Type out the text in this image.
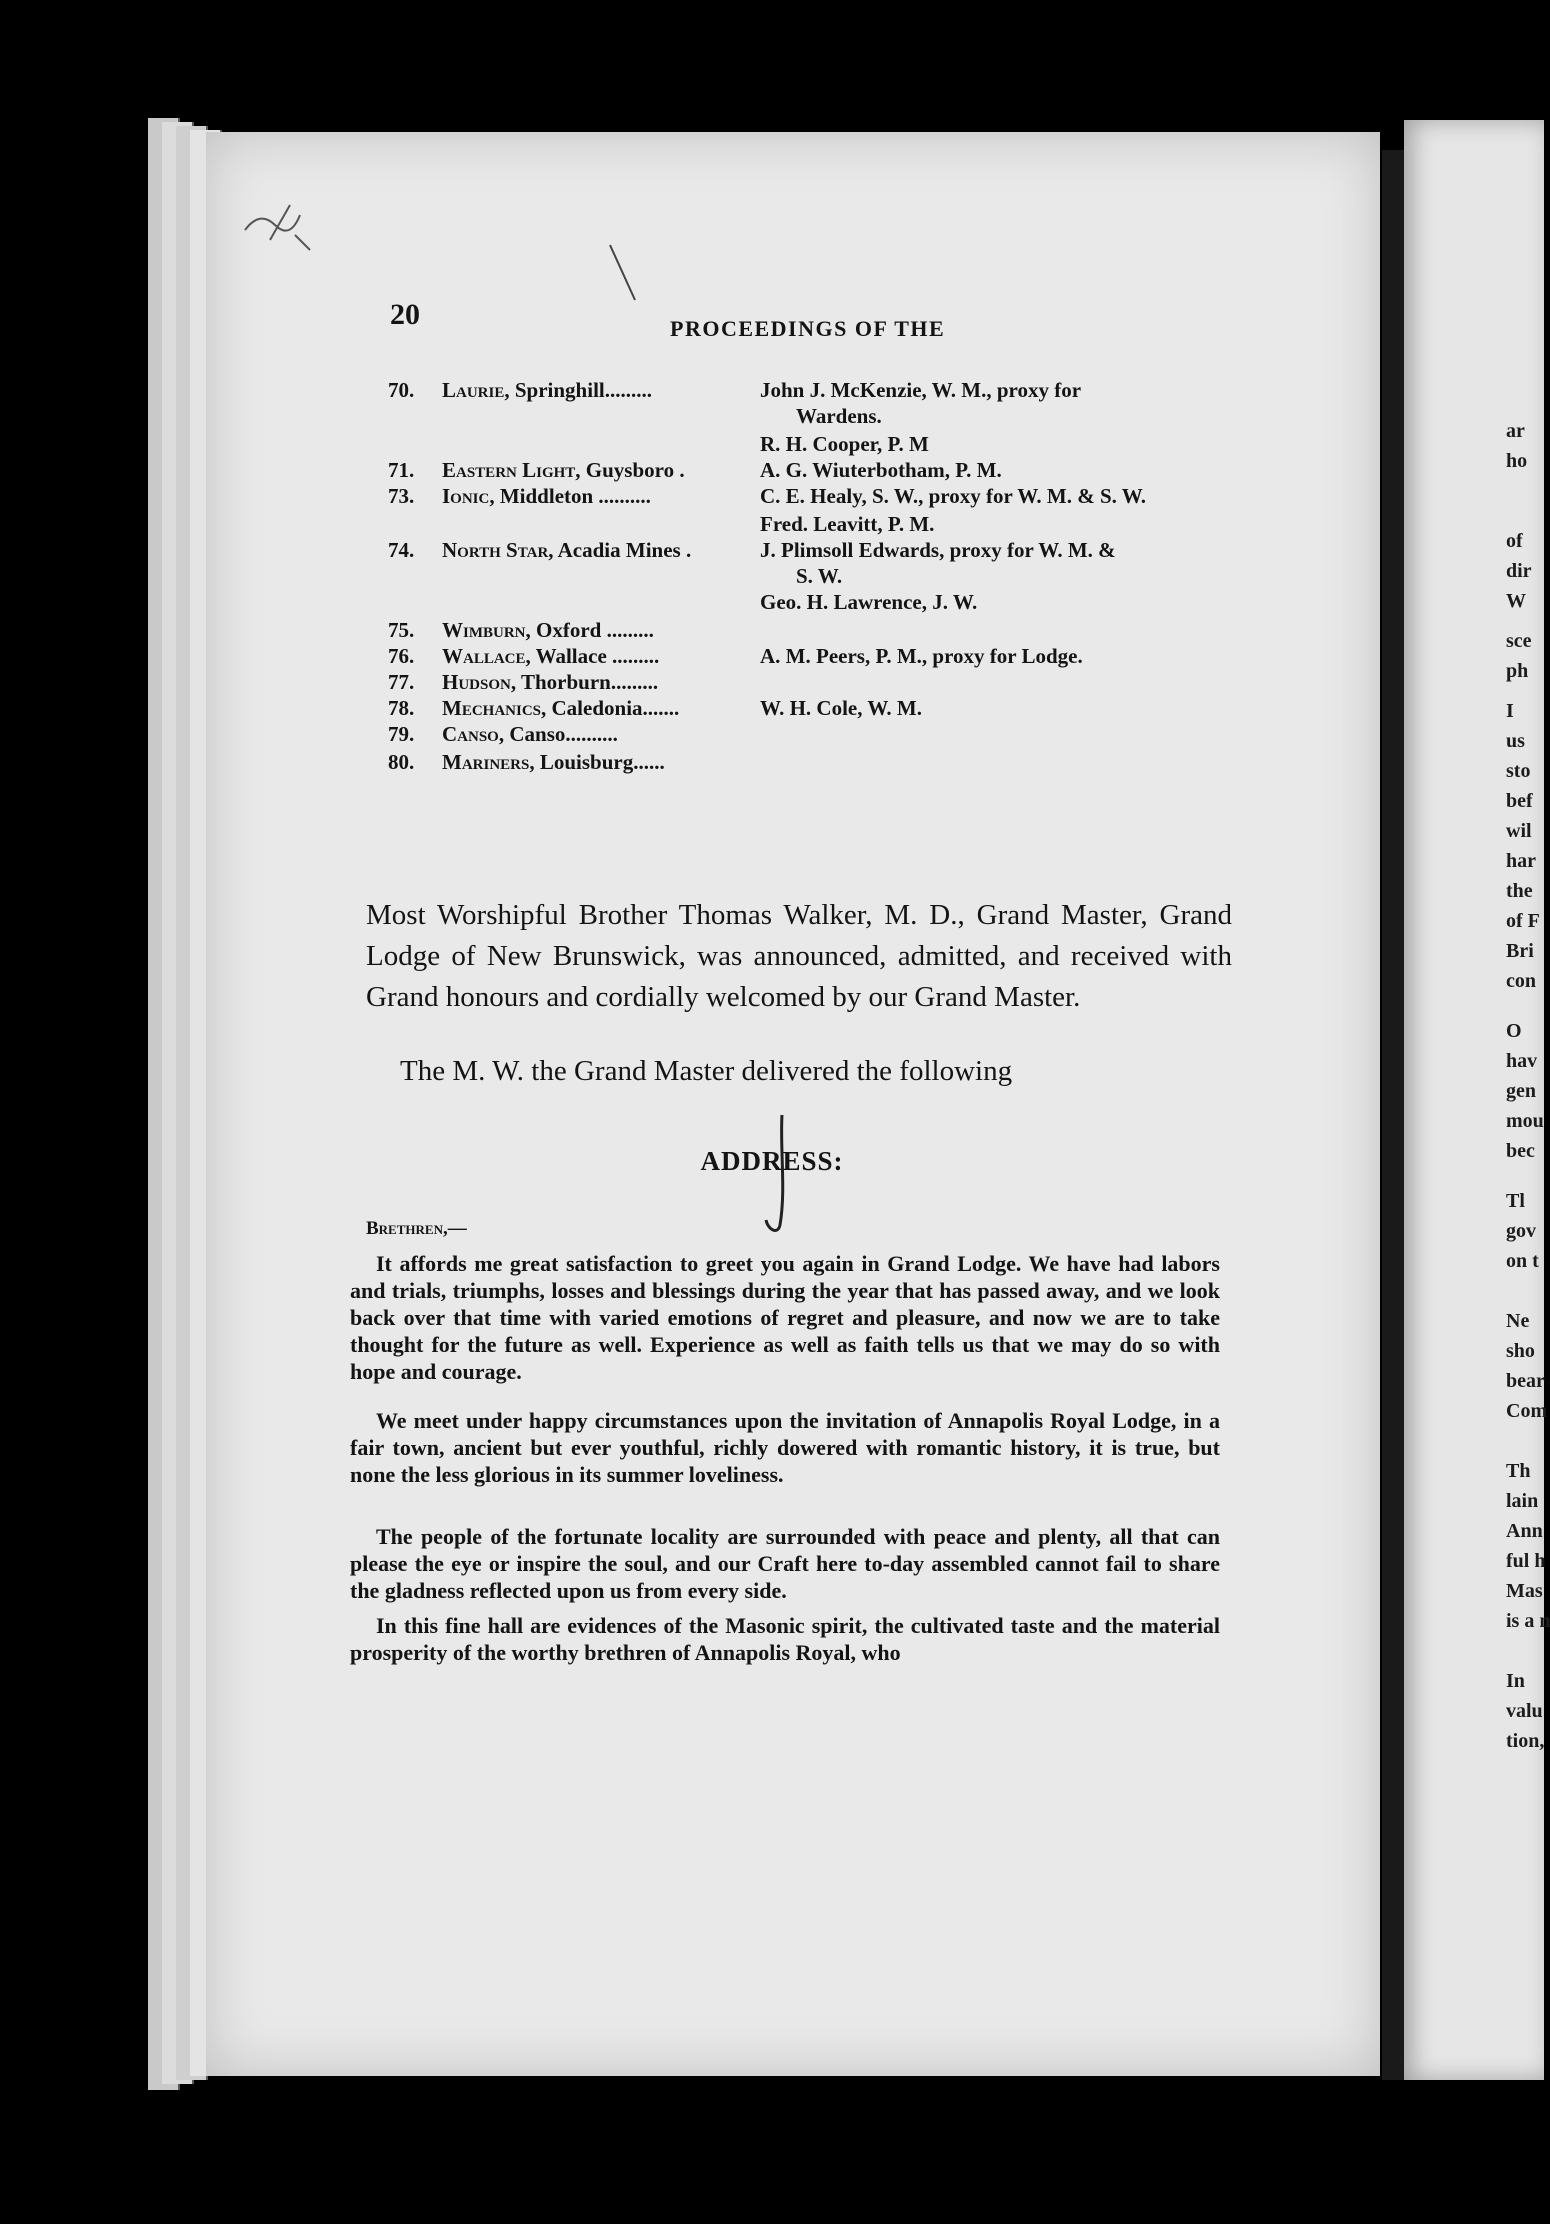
ar
ho
of
dir
W
sce
ph
I
us
sto
bef
wil
har
the
of F
Bri
con
O
hav
gen
mou
bec
Tl
gov
on t
Ne
sho
bear
Com
Th
lain
Ann
ful h
Mas
is a n
In
valu
tion,
20	PROCEEDINGS OF THE
70. Laurie, Springhill.........	John J. McKenzie, W. M., proxy for
Wardens.
R. H. Cooper, P. M
71. Eastern Light, Guysboro .	A. G. Wiuterbotham, P. M.
73. Ionic, Middleton ..........	C. E. Healy, S. W., proxy for W. M. & S. W.
Fred. Leavitt, P. M.
74. North Star, Acadia Mines .	J. Plimsoll Edwards, proxy for W. M. &
S. W.
Geo. H. Lawrence, J. W.
75. Wimburn, Oxford .........
76. Wallace, Wallace .........	A. M. Peers, P. M., proxy for Lodge.
77. Hudson, Thorburn.........
78. Mechanics, Caledonia.......	W. H. Cole, W. M.
79. Canso, Canso..........
80. Mariners, Louisburg......
Most Worshipful Brother Thomas Walker, M. D., Grand Master, Grand Lodge of New Brunswick, was announced, admitted, and received with Grand honours and cordially welcomed by our Grand Master.
The M. W. the Grand Master delivered the following
ADDRESS:
Brethren,—
It affords me great satisfaction to greet you again in Grand Lodge. We have had labors and trials, triumphs, losses and blessings during the year that has passed away, and we look back over that time with varied emotions of regret and pleasure, and now we are to take thought for the future as well. Experience as well as faith tells us that we may do so with hope and courage.
We meet under happy circumstances upon the invitation of Annapolis Royal Lodge, in a fair town, ancient but ever youthful, richly dowered with romantic history, it is true, but none the less glorious in its summer loveliness.
The people of the fortunate locality are surrounded with peace and plenty, all that can please the eye or inspire the soul, and our Craft here to-day assembled cannot fail to share the gladness reflected upon us from every side.
In this fine hall are evidences of the Masonic spirit, the cultivated taste and the material prosperity of the worthy brethren of Annapolis Royal, who
